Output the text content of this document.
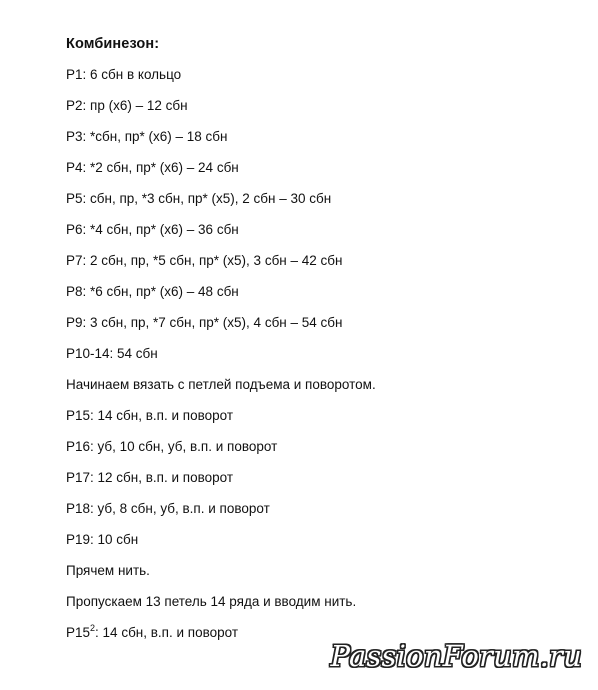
Комбинезон:
Р1: 6 сбн в кольцо
Р2: пр (х6) – 12 сбн
Р3: *сбн, пр* (х6) – 18 сбн
Р4: *2 сбн, пр* (х6) – 24 сбн
Р5: сбн, пр, *3 сбн, пр* (х5), 2 сбн – 30 сбн
Р6: *4 сбн, пр* (х6) – 36 сбн
Р7: 2 сбн, пр, *5 сбн, пр* (х5), 3 сбн – 42 сбн
Р8: *6 сбн, пр* (х6) – 48 сбн
Р9: 3 сбн, пр, *7 сбн, пр* (х5), 4 сбн – 54 сбн
Р10-14: 54 сбн
Начинаем вязать с петлей подъема и поворотом.
Р15: 14 сбн, в.п. и поворот
Р16: уб, 10 сбн, уб, в.п. и поворот
Р17: 12 сбн, в.п. и поворот
Р18: уб, 8 сбн, уб, в.п. и поворот
Р19: 10 сбн
Прячем нить.
Пропускаем 13 петель 14 ряда и вводим нить.
$Р15^2$: 14 сбн, в.п. и поворот
PassionForum.ru
